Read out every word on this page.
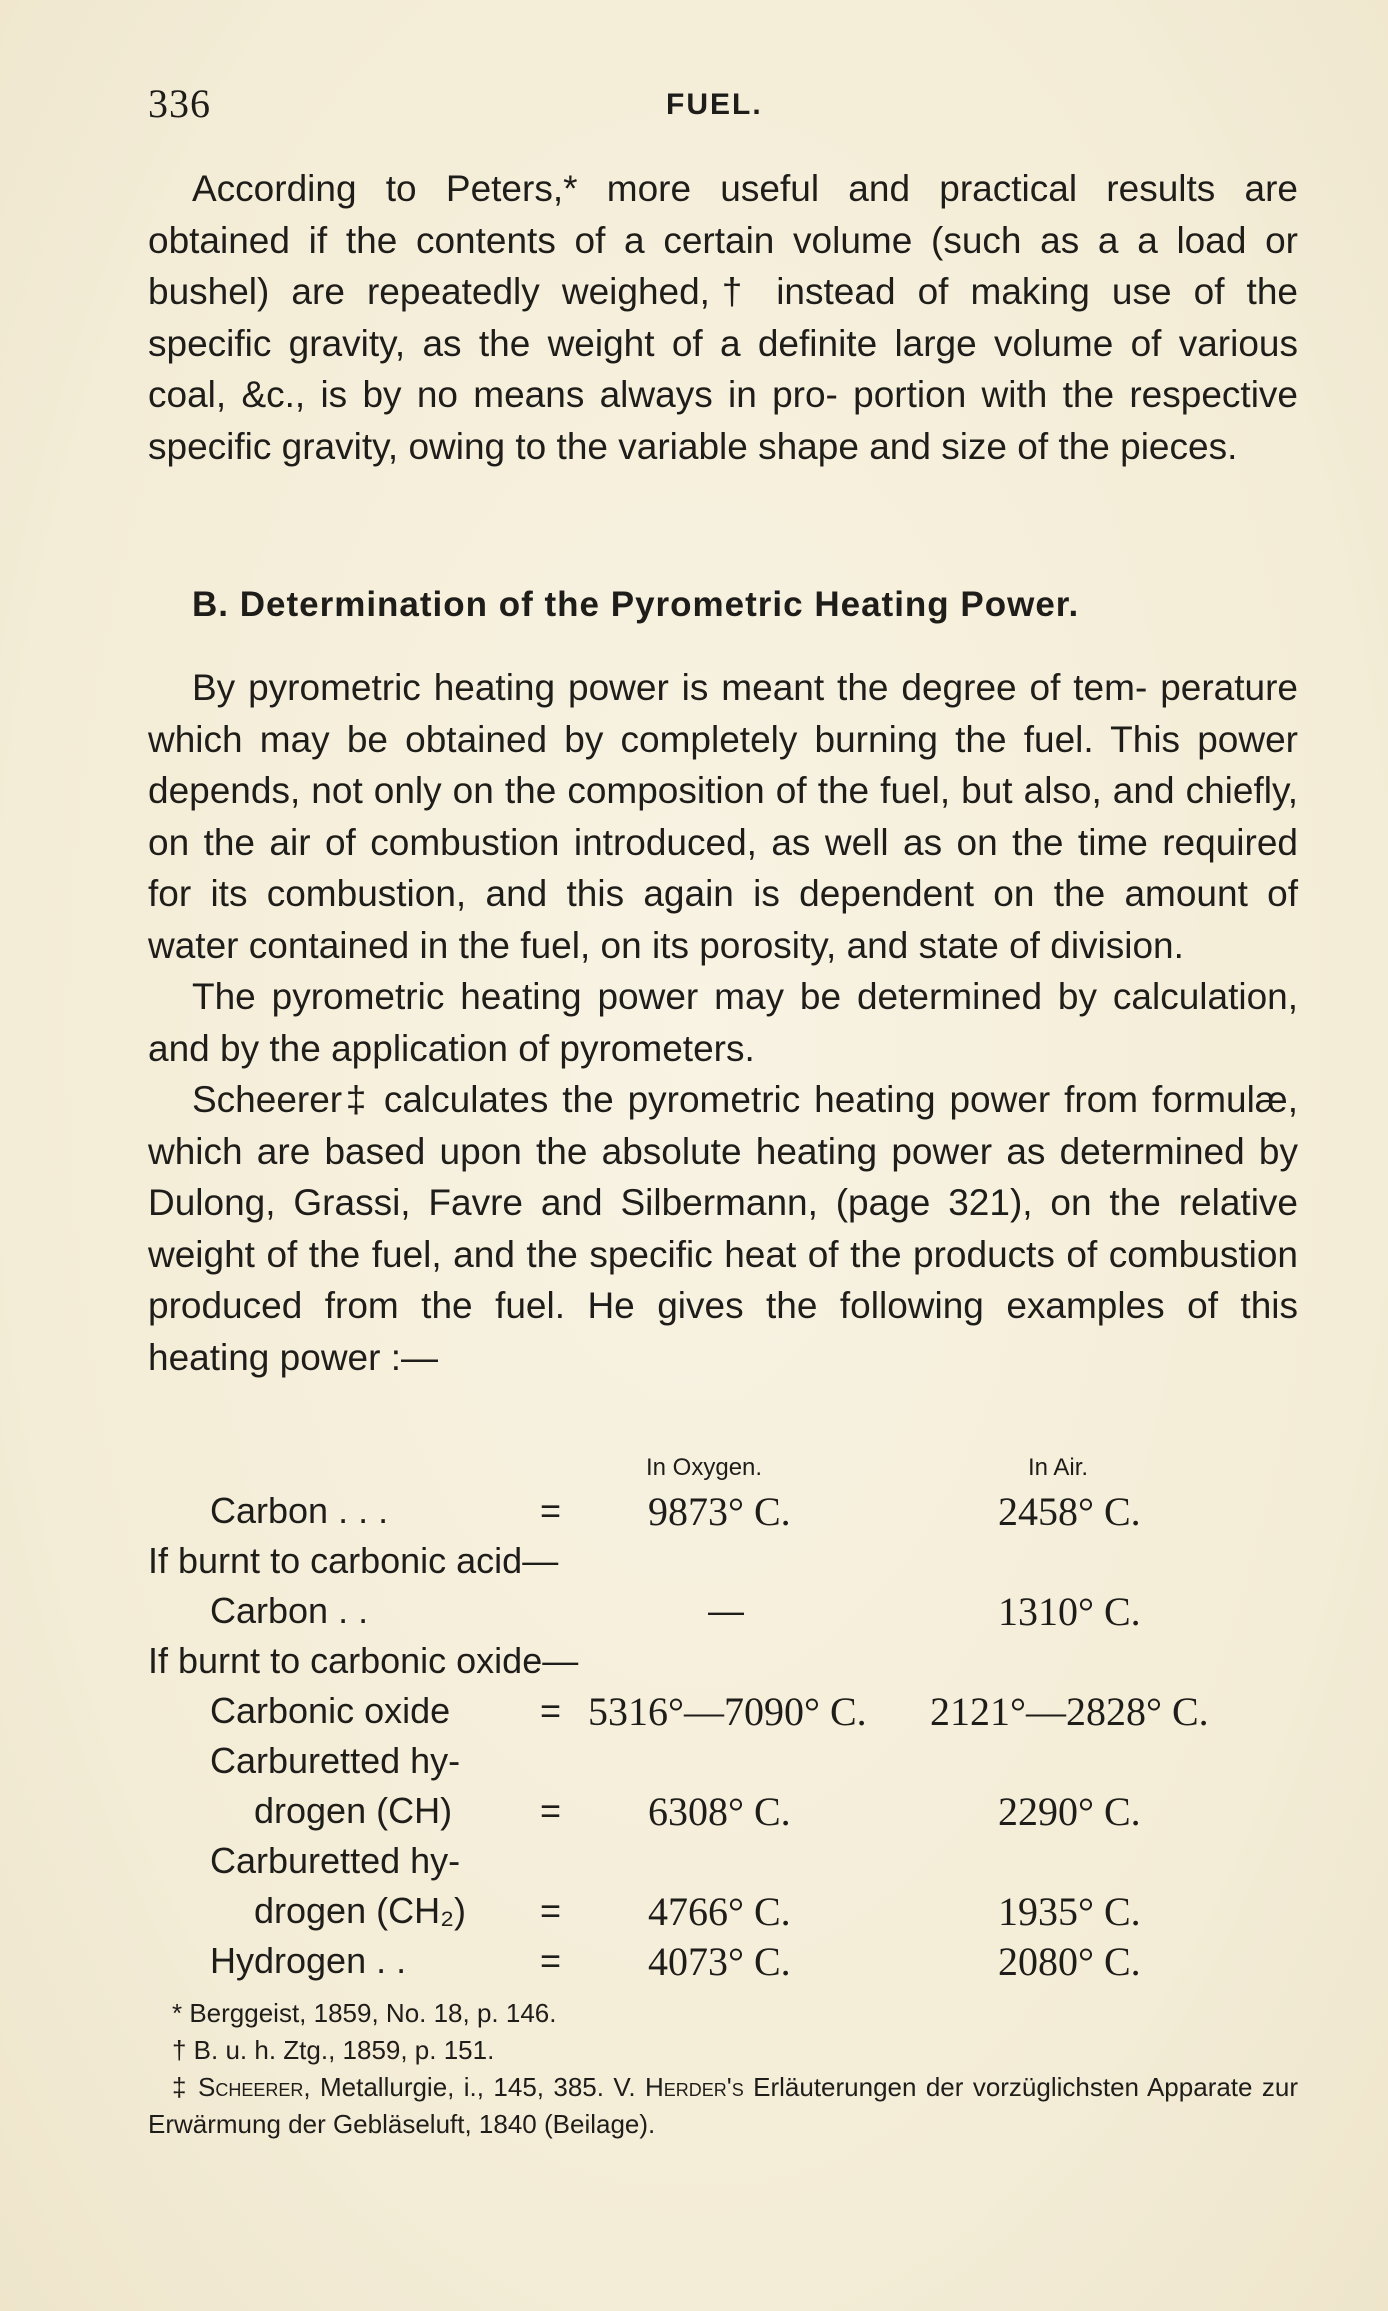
336	FUEL.

According to Peters,* more useful and practical results are obtained if the contents of a certain volume (such as a a load or bushel) are repeatedly weighed,† instead of making use of the specific gravity, as the weight of a definite large volume of various coal, &c., is by no means always in pro- portion with the respective specific gravity, owing to the variable shape and size of the pieces.

B. Determination of the Pyrometric Heating Power.

By pyrometric heating power is meant the degree of tem- perature which may be obtained by completely burning the fuel. This power depends, not only on the composition of the fuel, but also, and chiefly, on the air of combustion introduced, as well as on the time required for its combustion, and this again is dependent on the amount of water contained in the fuel, on its porosity, and state of division.

The pyrometric heating power may be determined by calculation, and by the application of pyrometers.

Scheerer‡ calculates the pyrometric heating power from formulæ, which are based upon the absolute heating power as determined by Dulong, Grassi, Favre and Silbermann, (page 321), on the relative weight of the fuel, and the specific heat of the products of combustion produced from the fuel. He gives the following examples of this heating power :—

In Oxygen.	In Air.
Carbon . . .	= 9873° C.	2458° C.
If burnt to carbonic acid—
Carbon . .	—	1310° C.
If burnt to carbonic oxide—
Carbonic oxide = 5316°—7090° C. 2121°—2828° C.
Carburetted hy-
drogen (CH) = 6308° C.	2290° C.
Carburetted hy-
drogen (CH₂) = 4766° C.	1935° C.
Hydrogen . .	= 4073° C.	2080° C.
* Berggeist, 1859, No. 18, p. 146.
† B. u. h. Ztg., 1859, p. 151.
‡ Scheerer, Metallurgie, i., 145, 385. V. Herder's Erläuterungen der vorzüglichsten Apparate zur Erwärmung der Gebläseluft, 1840 (Beilage).
